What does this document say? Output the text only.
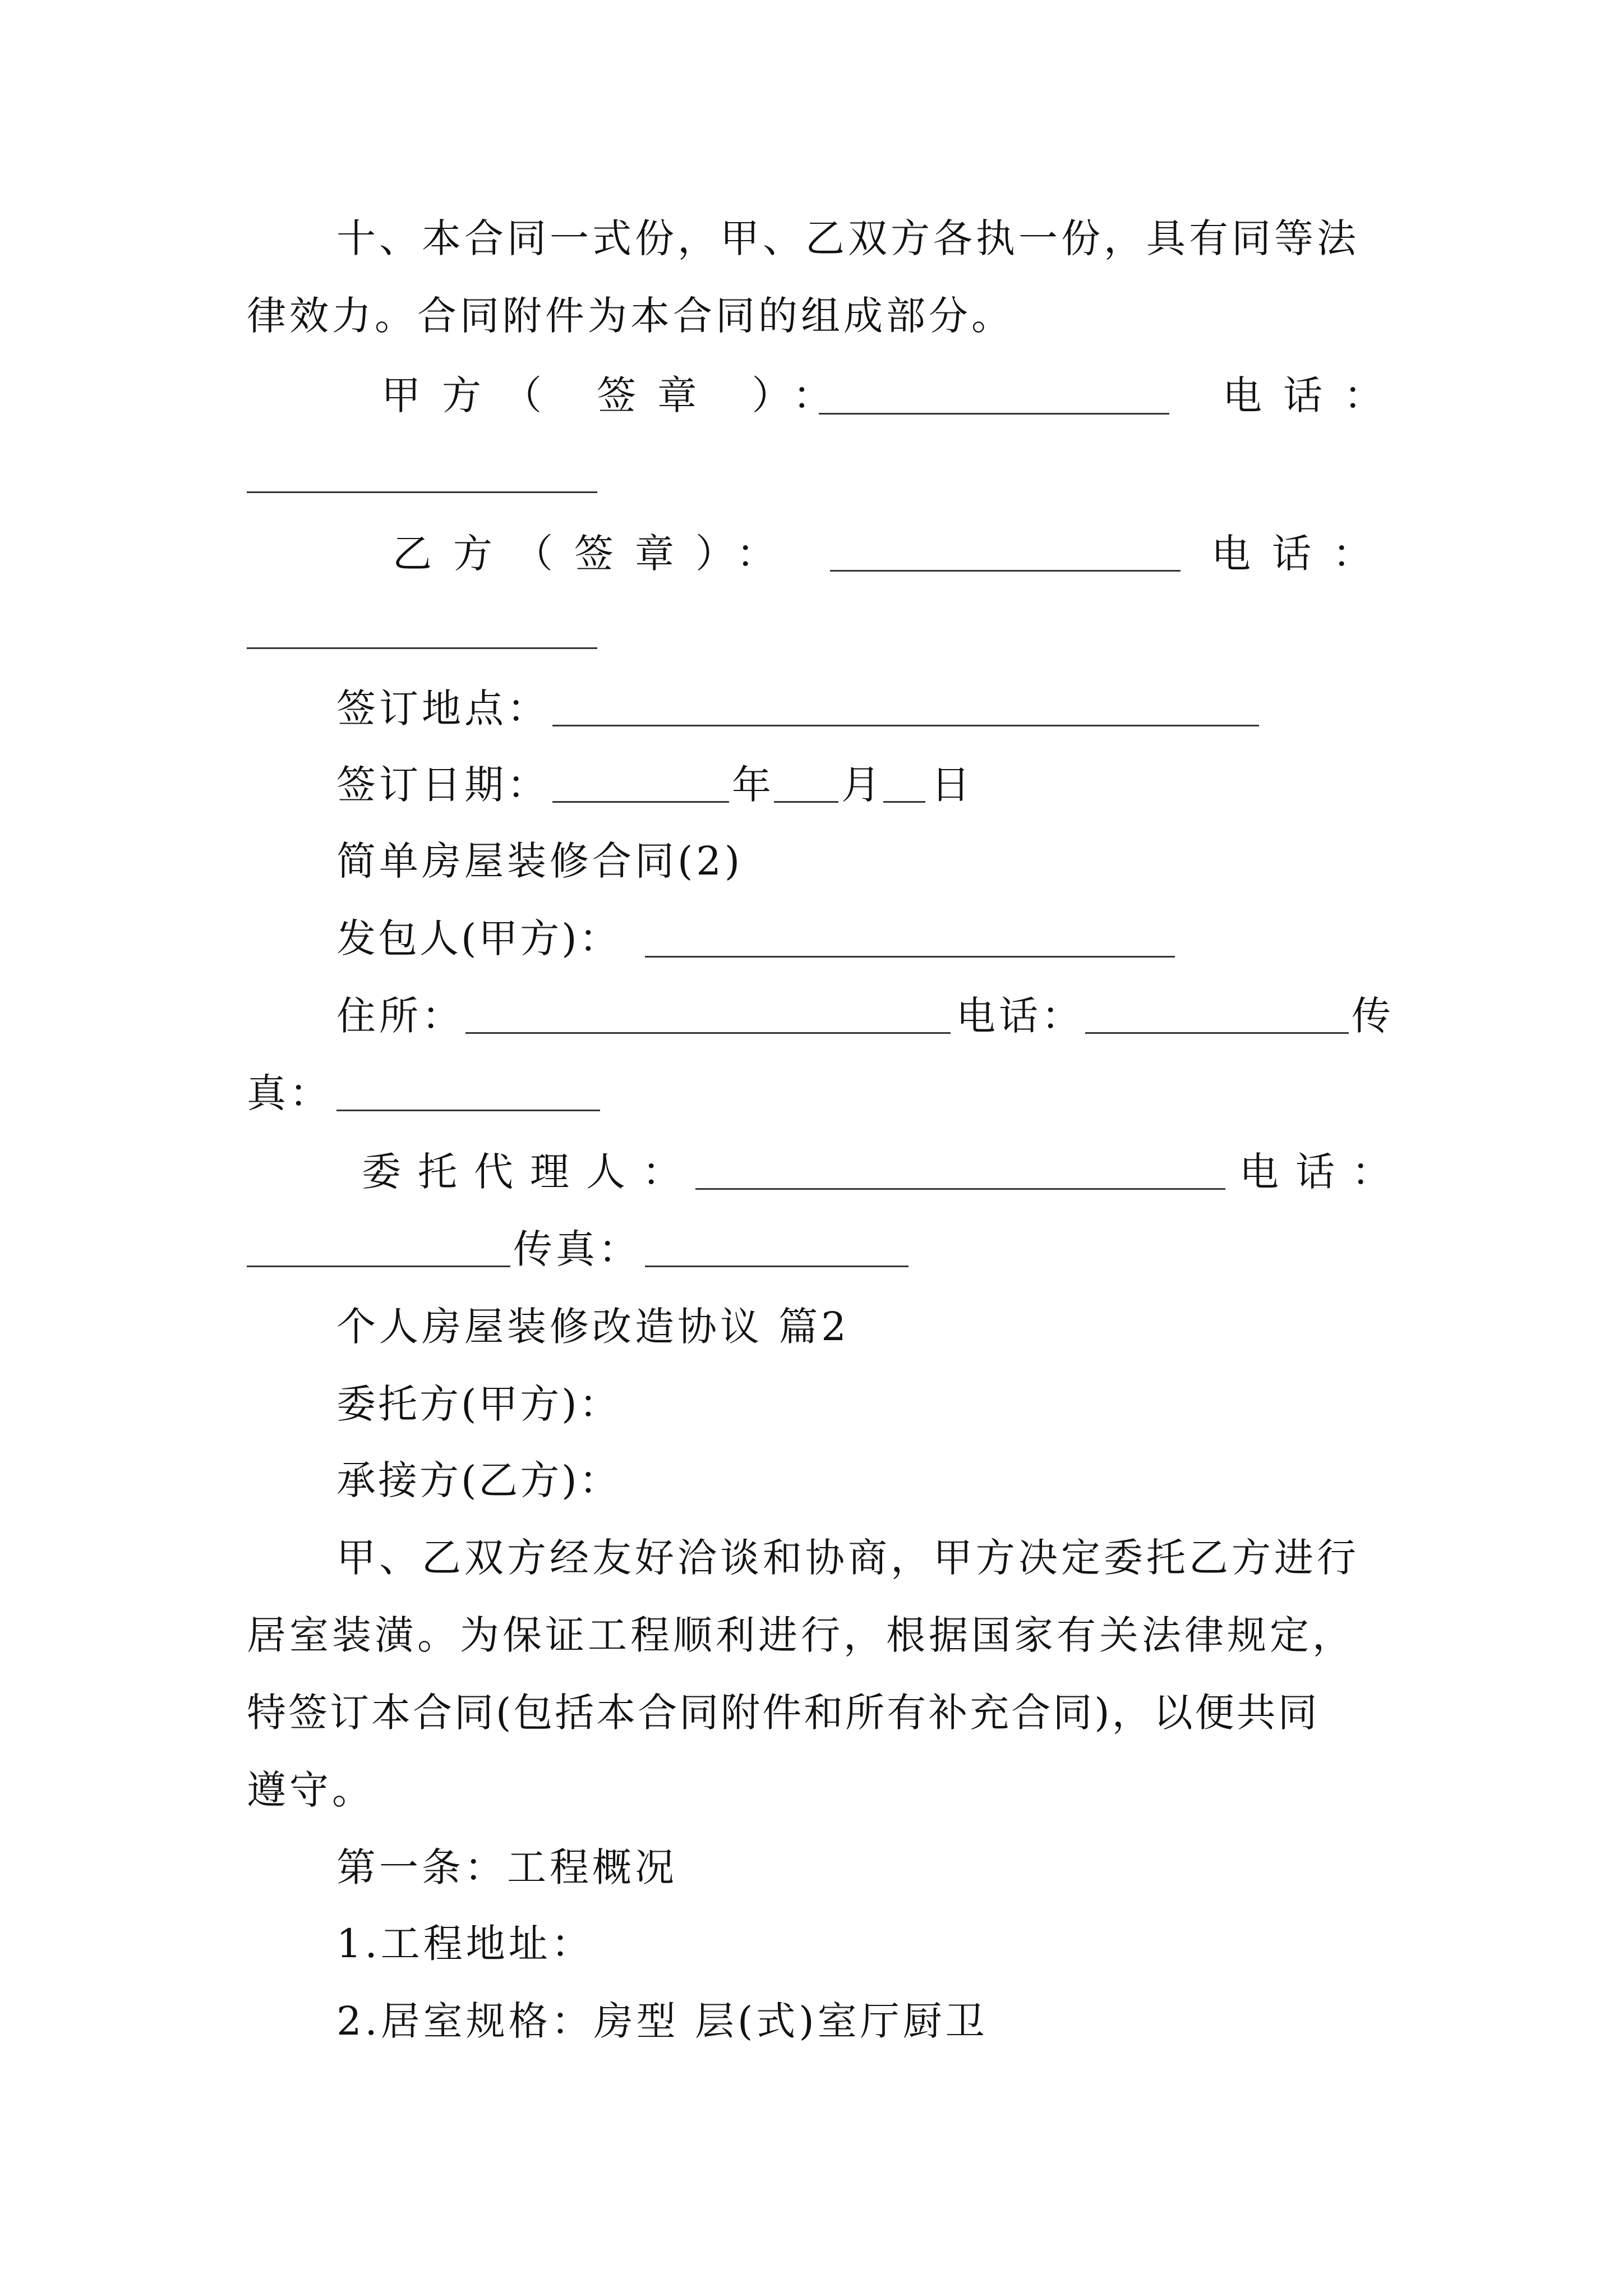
十、本合同一式份，甲、乙双方各执一份，具有同等法
律效力。合同附件为本合同的组成部分。
甲方（ 签章 ）：	电话：
乙方（签章）：	电话：
签订地点：
签订日期：	年 月 日
简单房屋装修合同(2)
发包人(甲方)：
住所：	电话：	传
真：
委托代理人：	电话：
传真：
个人房屋装修改造协议 篇2
委托方(甲方)：
承接方(乙方)：
甲、乙双方经友好洽谈和协商，甲方决定委托乙方进行
居室装潢。为保证工程顺利进行，根据国家有关法律规定，
特签订本合同(包括本合同附件和所有补充合同)，以便共同
遵守。
第一条：工程概况
1.工程地址：
2.居室规格：房型 层(式)室厅厨卫
